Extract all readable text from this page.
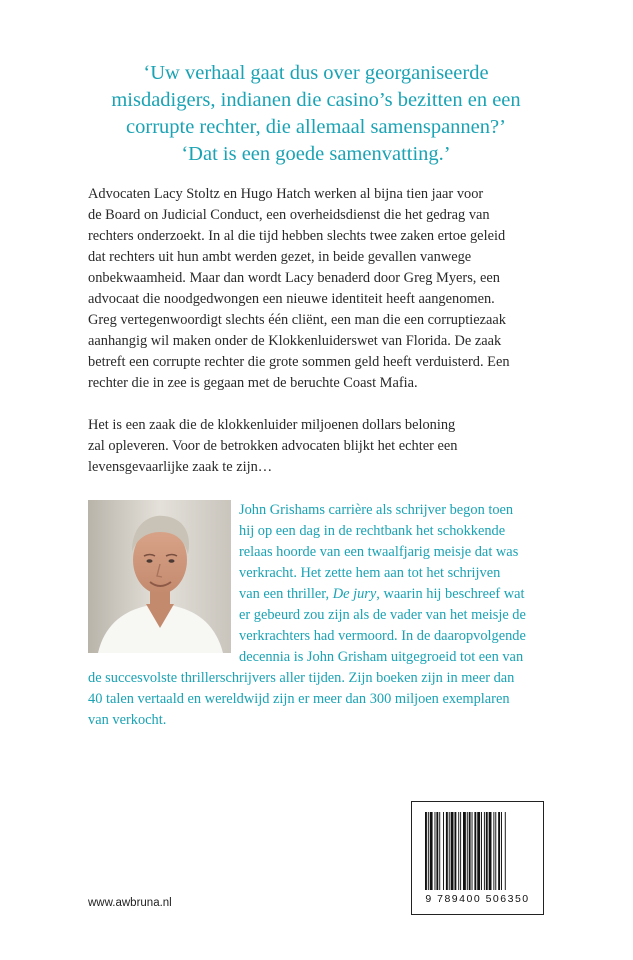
‘Uw verhaal gaat dus over georganiseerde
misdadigers, indianen die casino’s bezitten en een
corrupte rechter, die allemaal samenspannen?’
‘Dat is een goede samenvatting.’
Advocaten Lacy Stoltz en Hugo Hatch werken al bijna tien jaar voor
de Board on Judicial Conduct, een overheidsdienst die het gedrag van
rechters onderzoekt. In al die tijd hebben slechts twee zaken ertoe geleid
dat rechters uit hun ambt werden gezet, in beide gevallen vanwege
onbekwaamheid. Maar dan wordt Lacy benaderd door Greg Myers, een
advocaat die noodgedwongen een nieuwe identiteit heeft aangenomen.
Greg vertegenwoordigt slechts één cliënt, een man die een corruptiezaak
aanhangig wil maken onder de Klokkenluiderswet van Florida. De zaak
betreft een corrupte rechter die grote sommen geld heeft verduisterd. Een
rechter die in zee is gegaan met de beruchte Coast Mafia.
Het is een zaak die de klokkenluider miljoenen dollars beloning
zal opleveren. Voor de betrokken advocaten blijkt het echter een
levensgevaarlijke zaak te zijn…
John Grishams carrière als schrijver begon toen
hij op een dag in de rechtbank het schokkende
relaas hoorde van een twaalfjarig meisje dat was
verkracht. Het zette hem aan tot het schrijven
van een thriller, De jury, waarin hij beschreef wat
er gebeurd zou zijn als de vader van het meisje de
verkrachters had vermoord. In de daaropvolgende
decennia is John Grisham uitgegroeid tot een van
de succesvolste thrillerschrijvers aller tijden. Zijn boeken zijn in meer dan
40 talen vertaald en wereldwijd zijn er meer dan 300 miljoen exemplaren
van verkocht.
www.awbruna.nl	9 789400 506350
